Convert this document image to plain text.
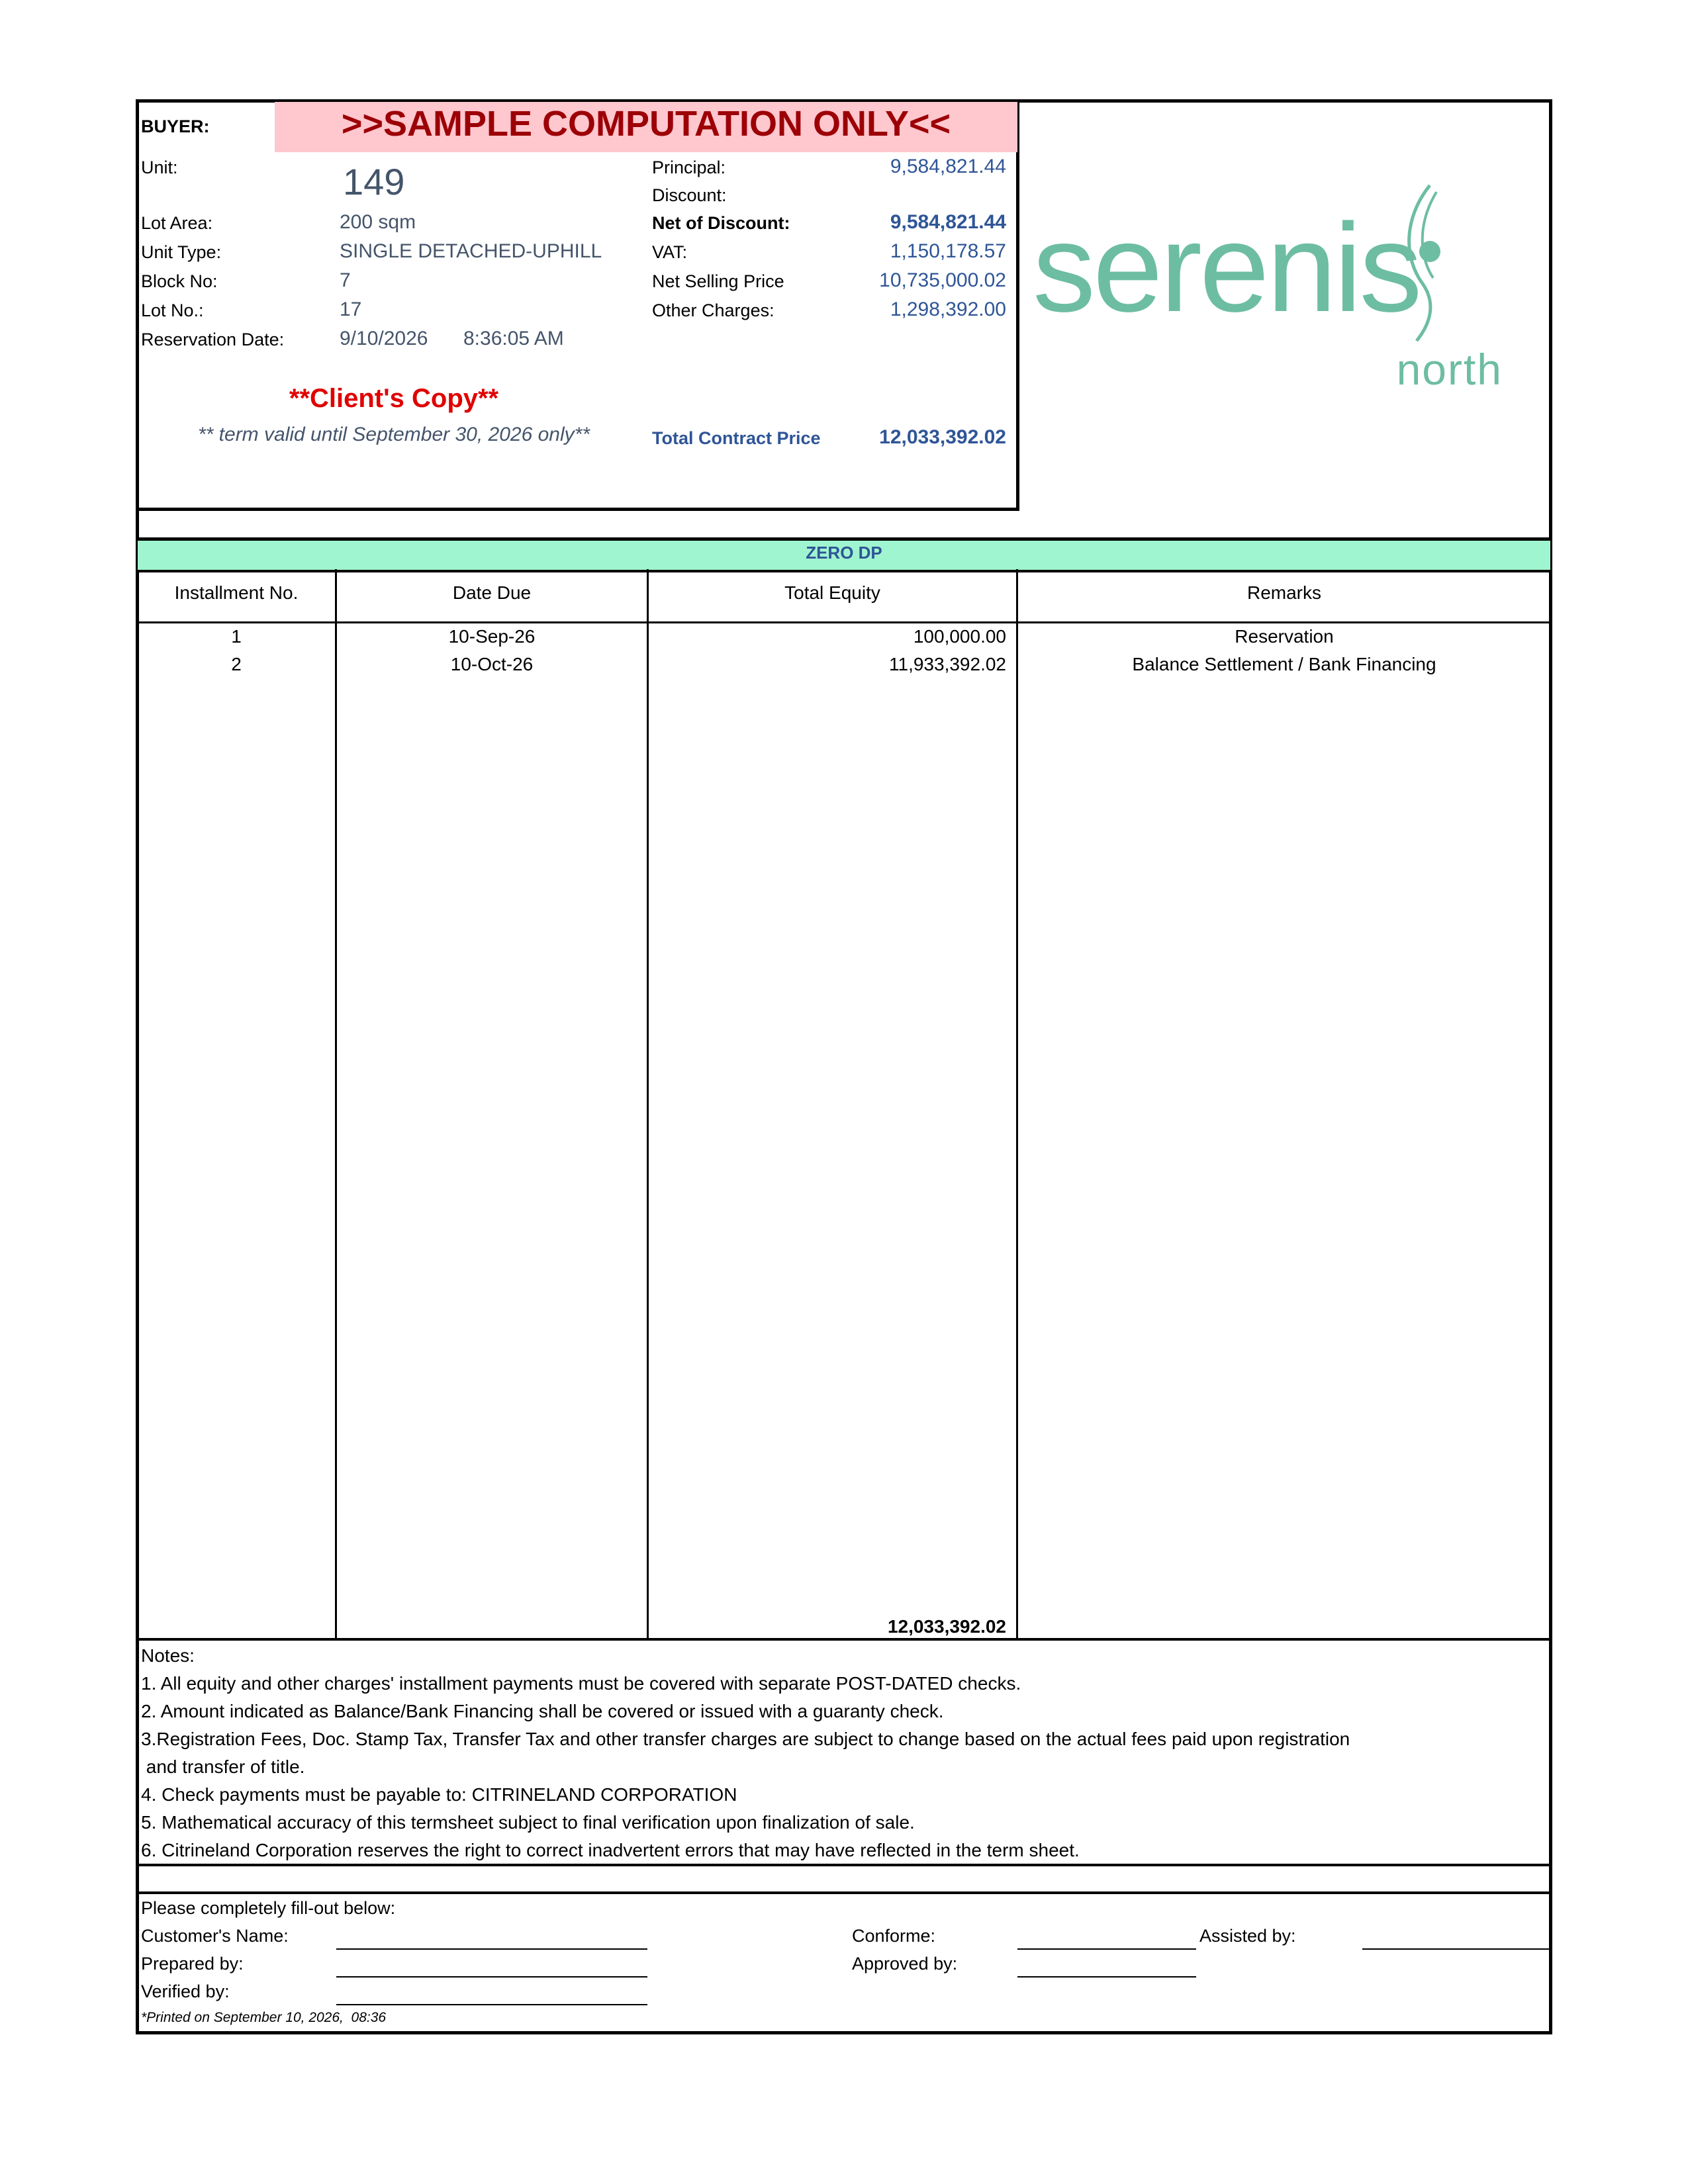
BUYER:	>>SAMPLE COMPUTATION ONLY<<
Unit:	149
Lot Area:	200 sqm
Unit Type:	SINGLE DETACHED-UPHILL
Block No:	7
Lot No.:	17
Reservation Date:	9/10/2026 8:36:05 AM
**Client's Copy**
** term valid until September 30, 2026 only**
Principal:	9,584,821.44
Discount:
Net of Discount:	9,584,821.44
VAT:	1,150,178.57
Net Selling Price	10,735,000.02
Other Charges:	1,298,392.00
Total Contract Price	12,033,392.02
serenis
north
ZERO DP
Installment No.	Date Due	Total Equity	Remarks
1	10-Sep-26	100,000.00	Reservation
2	10-Oct-26	11,933,392.02	Balance Settlement / Bank Financing
12,033,392.02
Notes:
1. All equity and other charges' installment payments must be covered with separate POST-DATED checks.
2. Amount indicated as Balance/Bank Financing shall be covered or issued with a guaranty check.
3.Registration Fees, Doc. Stamp Tax, Transfer Tax and other transfer charges are subject to change based on the actual fees paid upon registration
and transfer of title.
4. Check payments must be payable to: CITRINELAND CORPORATION
5. Mathematical accuracy of this termsheet subject to final verification upon finalization of sale.
6. Citrineland Corporation reserves the right to correct inadvertent errors that may have reflected in the term sheet.
Please completely fill-out below:
Customer's Name:
Prepared by:
Verified by:
Conforme:
Approved by:
Assisted by:
*Printed on September 10, 2026,  08:36
